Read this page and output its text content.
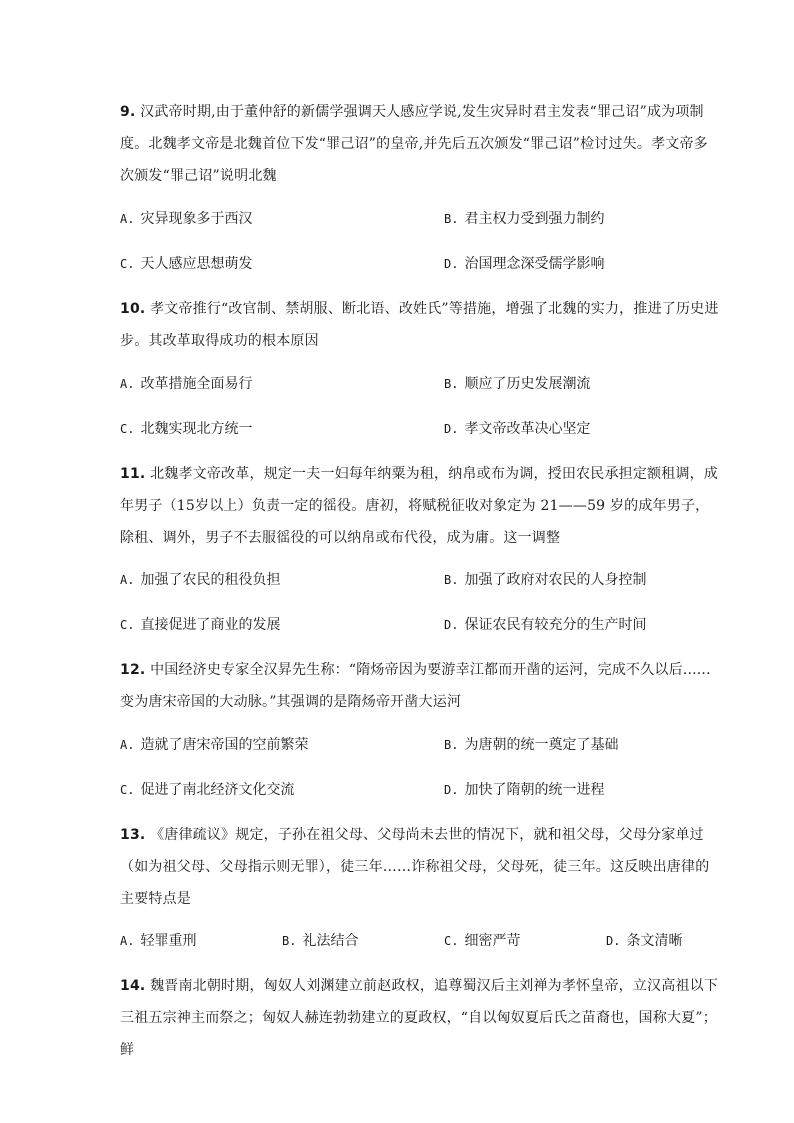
9. 汉武帝时期,由于董仲舒的新儒学强调天人感应学说,发生灾异时君主发表“罪己诏”成为项制度。北魏孝文帝是北魏首位下发“罪己诏”的皇帝,并先后五次颁发“罪己诏”检讨过失。孝文帝多次颁发“罪己诏”说明北魏
A. 灾异现象多于西汉	B. 君主权力受到强力制约
C. 天人感应思想萌发	D. 治国理念深受儒学影响
10. 孝文帝推行“改官制、禁胡服、断北语、改姓氏”等措施，增强了北魏的实力，推进了历史进步。其改革取得成功的根本原因
A. 改革措施全面易行	B. 顺应了历史发展潮流
C. 北魏实现北方统一	D. 孝文帝改革决心坚定
11. 北魏孝文帝改革，规定一夫一妇每年纳粟为租，纳帛或布为调，授田农民承担定额租调，成年男子（15岁以上）负责一定的徭役。唐初，将赋税征收对象定为 21——59 岁的成年男子，除租、调外，男子不去服徭役的可以纳帛或布代役，成为庸。这一调整
A. 加强了农民的租役负担	B. 加强了政府对农民的人身控制
C. 直接促进了商业的发展	D. 保证农民有较充分的生产时间
12. 中国经济史专家全汉昇先生称：“隋炀帝因为要游幸江都而开凿的运河，完成不久以后......变为唐宋帝国的大动脉。”其强调的是隋炀帝开凿大运河
A. 造就了唐宋帝国的空前繁荣	B. 为唐朝的统一奠定了基础
C. 促进了南北经济文化交流	D. 加快了隋朝的统一进程
13. 《唐律疏议》规定，子孙在祖父母、父母尚未去世的情况下，就和祖父母，父母分家单过（如为祖父母、父母指示则无罪），徒三年……诈称祖父母，父母死，徒三年。这反映出唐律的主要特点是
A. 轻罪重刑	B. 礼法结合	C. 细密严苛	D. 条文清晰
14. 魏晋南北朝时期，匈奴人刘渊建立前赵政权，追尊蜀汉后主刘禅为孝怀皇帝，立汉高祖以下三祖五宗神主而祭之；匈奴人赫连勃勃建立的夏政权，“自以匈奴夏后氏之苗裔也，国称大夏”；鲜
